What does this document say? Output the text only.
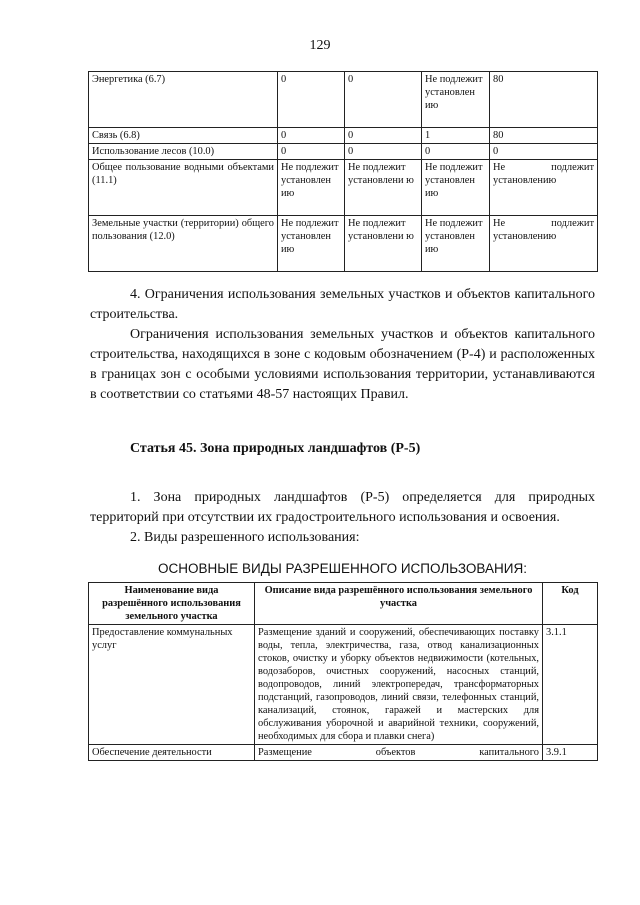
129
Энергетика (6.7)	0	0	Не подлежит установлен ию	80
Связь (6.8)	0	0	1	80
Использование лесов (10.0)	0	0	0	0
Общее пользование водными объектами (11.1)	Не подлежит установлен ию	Не подлежит установлени ю	Не подлежит установлен ию	Не подлежит установлению
Земельные участки (территории) общего пользования (12.0)	Не подлежит установлен ию	Не подлежит установлени ю	Не подлежит установлен ию	Не подлежит установлению
4. Ограничения использования земельных участков и объектов капитального строительства.
Ограничения использования земельных участков и объектов капитального строительства, находящихся в зоне с кодовым обозначением (Р-4) и расположенных в границах зон с особыми условиями использования территории, устанавливаются в соответствии со статьями 48-57 настоящих Правил.
Статья 45. Зона природных ландшафтов (Р-5)
1. Зона природных ландшафтов (Р-5) определяется для природных территорий при отсутствии их градостроительного использования и освоения.
2. Виды разрешенного использования:
ОСНОВНЫЕ ВИДЫ РАЗРЕШЕННОГО ИСПОЛЬЗОВАНИЯ:
Наименование вида разрешённого использования земельного участка	Описание вида разрешённого использования земельного участка	Код
Предоставление коммунальных услуг	Размещение зданий и сооружений, обеспечивающих поставку воды, тепла, электричества, газа, отвод канализационных стоков, очистку и уборку объектов недвижимости (котельных, водозаборов, очистных сооружений, насосных станций, водопроводов, линий электропередач, трансформаторных подстанций, газопроводов, линий связи, телефонных станций, канализаций, стоянок, гаражей и мастерских для обслуживания уборочной и аварийной техники, сооружений, необходимых для сбора и плавки снега)	3.1.1
Обеспечение деятельности	Размещение объектов капитального	3.9.1
